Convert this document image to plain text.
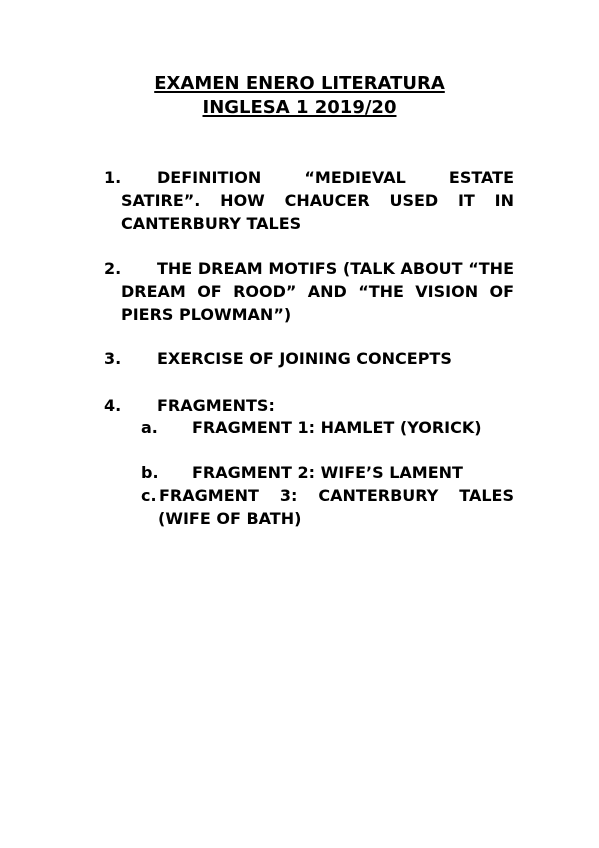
EXAMEN ENERO LITERATURA
INGLESA 1 2019/20
1.	DEFINITION “MEDIEVAL ESTATE SATIRE”. HOW CHAUCER USED IT IN CANTERBURY TALES
2.	THE DREAM MOTIFS (TALK ABOUT “THE DREAM OF ROOD” AND “THE VISION OF PIERS PLOWMAN”)
3.	EXERCISE OF JOINING CONCEPTS
4.	FRAGMENTS:
a.	FRAGMENT 1: HAMLET (YORICK)
b.	FRAGMENT 2: WIFE’S LAMENT
c. FRAGMENT 3: CANTERBURY TALES (WIFE OF BATH)
